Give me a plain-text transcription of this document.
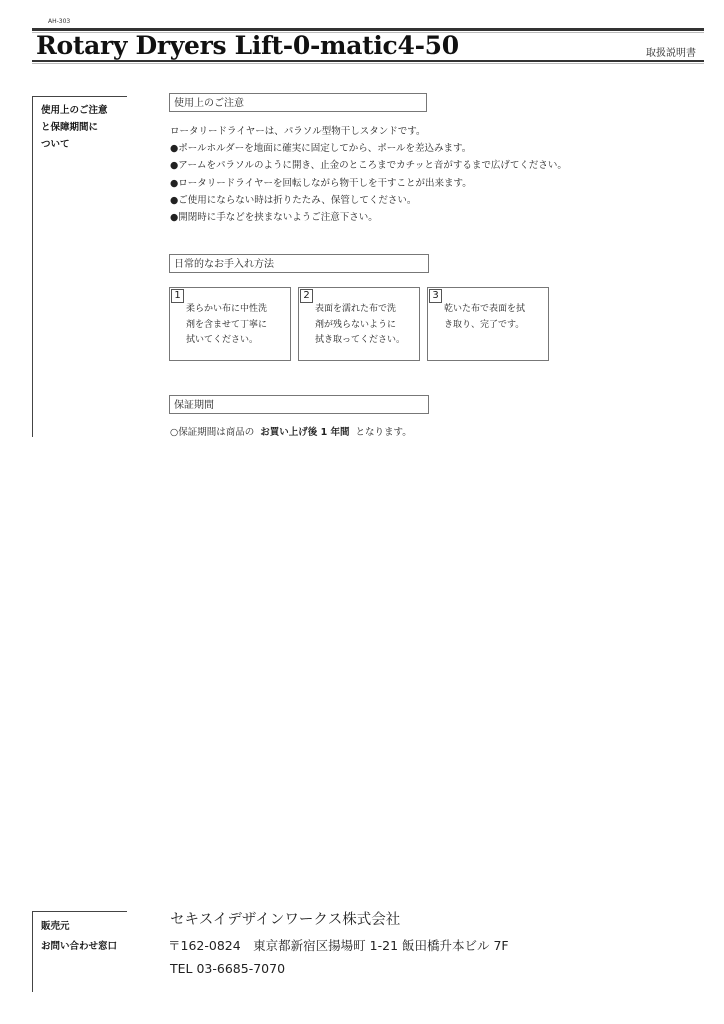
AH-303
Rotary Dryers Lift-0-matic4-50	取扱説明書
使用上のご注意
と保障期間に
ついて
使用上のご注意
ロータリードライヤーは、パラソル型物干しスタンドです。
●ポールホルダーを地面に確実に固定してから、ポールを差込みます。
●アームをパラソルのように開き、止金のところまでカチッと音がするまで広げてください。
●ロータリードライヤーを回転しながら物干しを干すことが出来ます。
●ご使用にならない時は折りたたみ、保管してください。
●開閉時に手などを挟まないようご注意下さい。
日常的なお手入れ方法
1
柔らかい布に中性洗
剤を含ませて丁寧に
拭いてください。
2
表面を濡れた布で洗
剤が残らないように
拭き取ってください。
3
乾いた布で表面を拭
き取り、完了です。
保証期間
○保証期間は商品の お買い上げ後 1 年間 となります。
販売元
お問い合わせ窓口
セキスイデザインワークス株式会社
〒162-0824　東京都新宿区揚場町 1-21 飯田橋升本ビル 7F
TEL 03-6685-7070
